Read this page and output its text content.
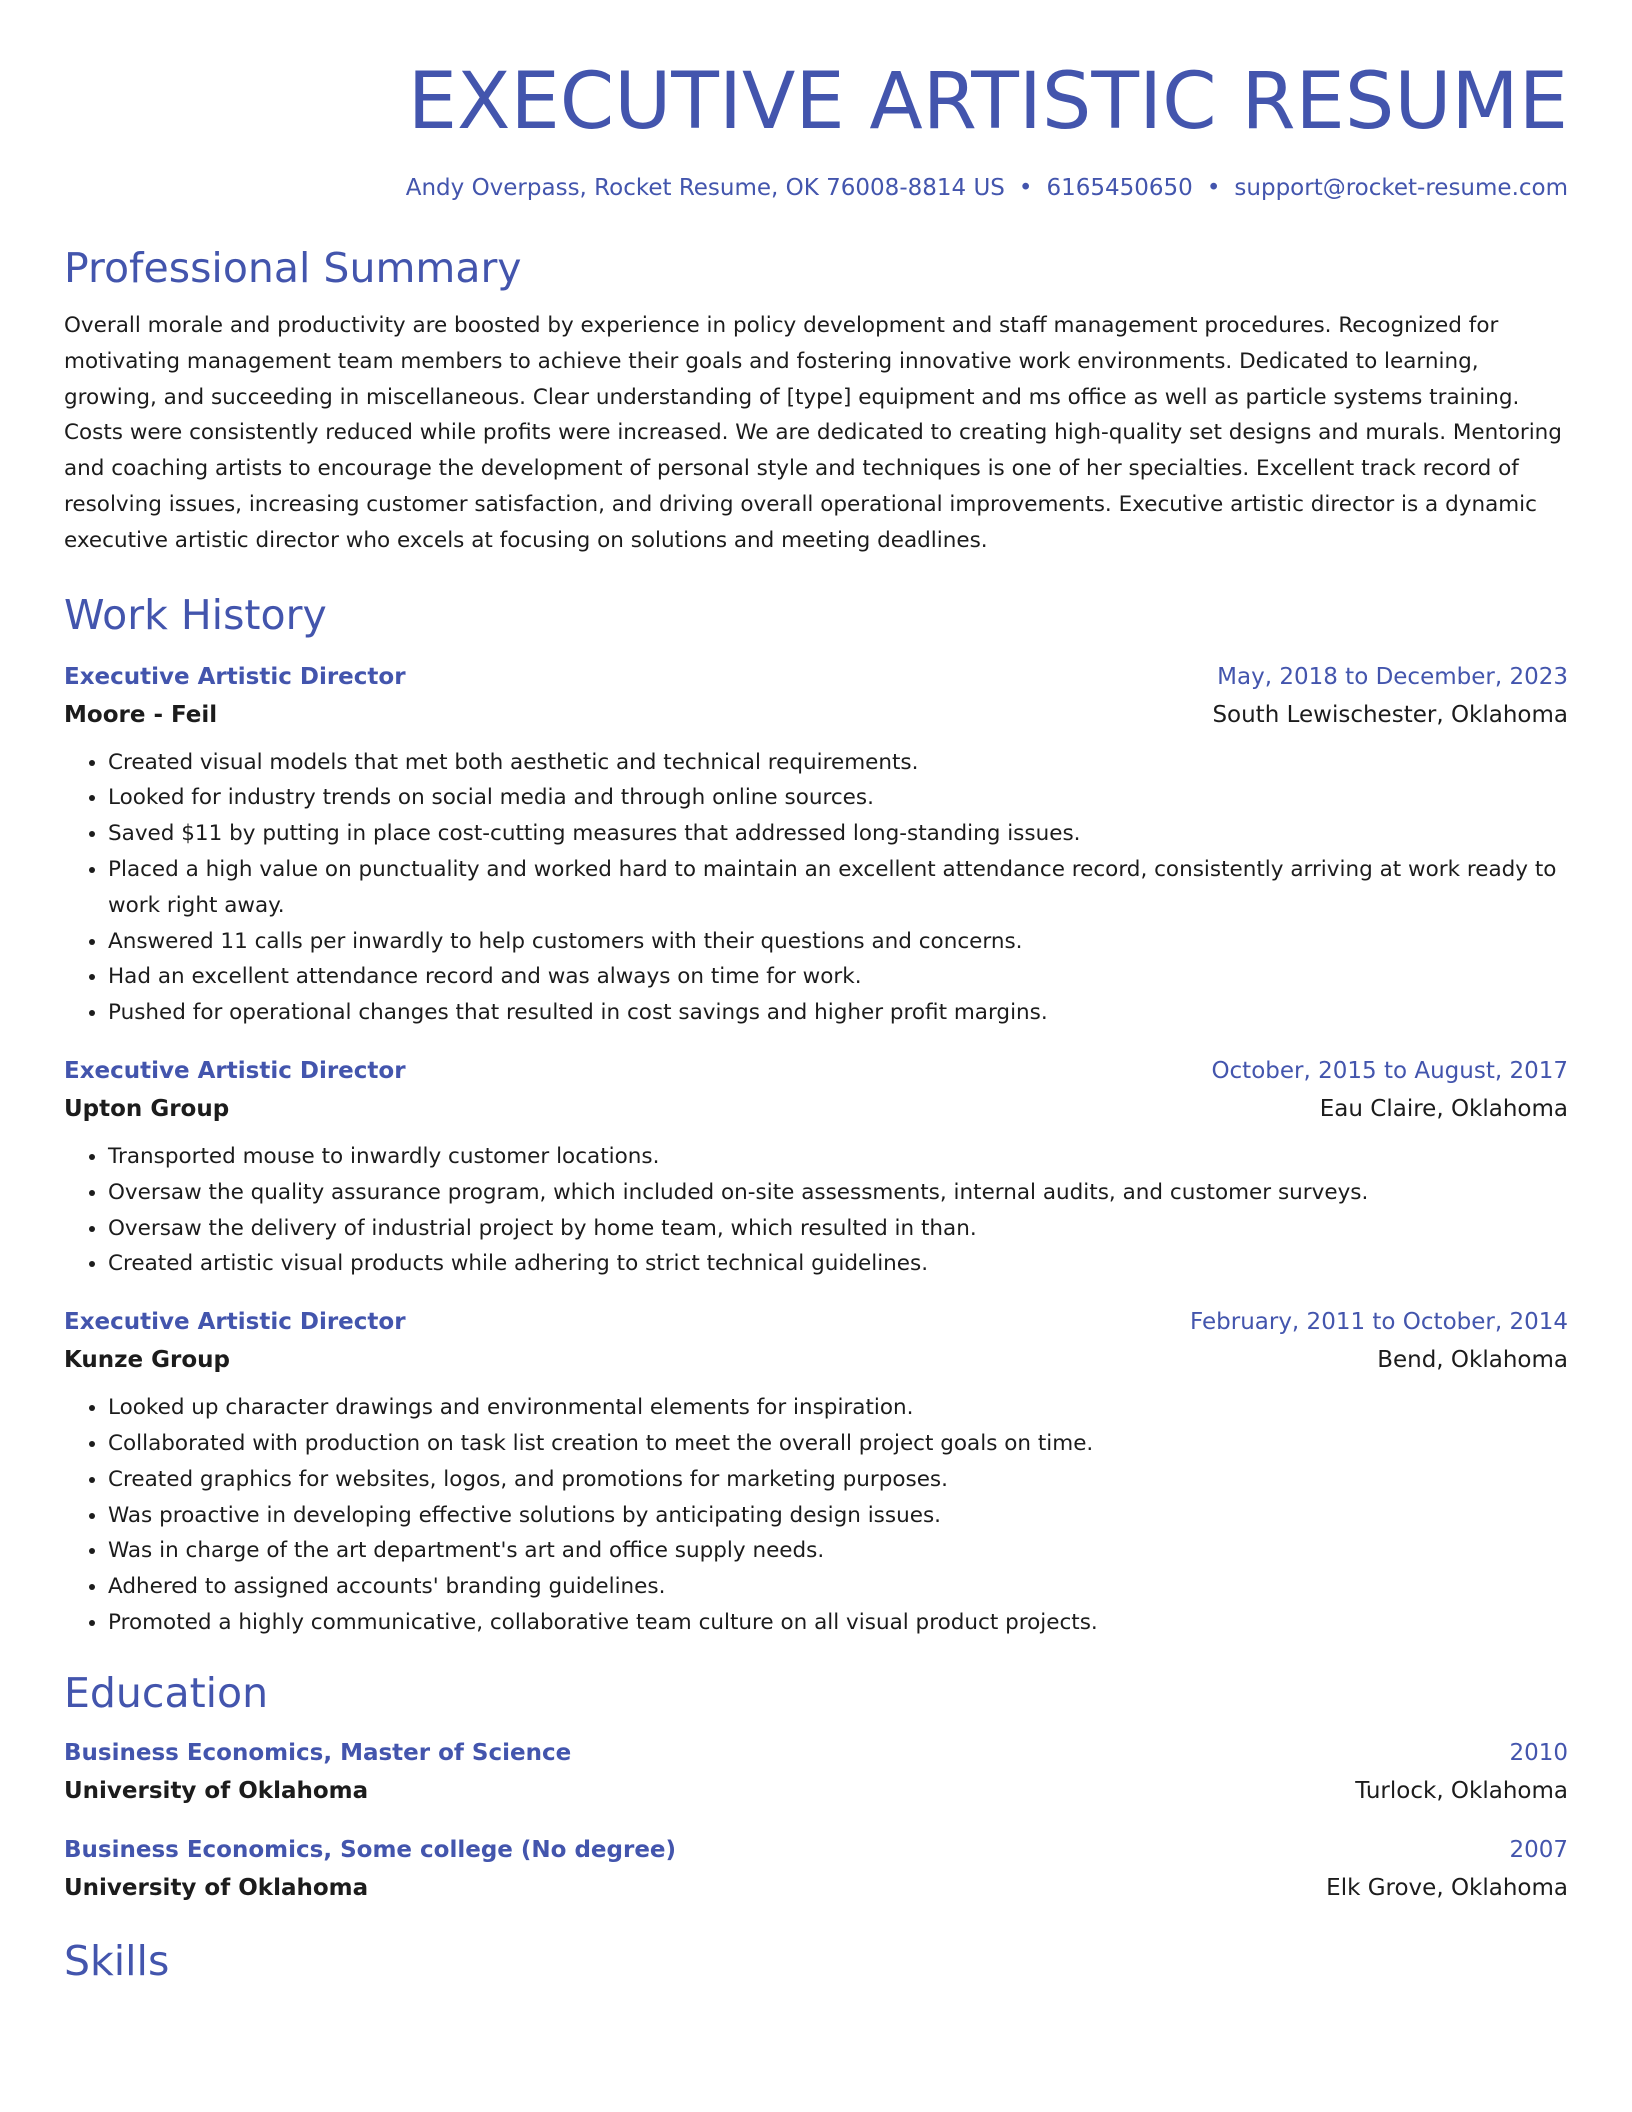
EXECUTIVE ARTISTIC RESUME
Andy Overpass, Rocket Resume, OK 76008-8814 US • 6165450650 • support@rocket-resume.com
Professional Summary
Overall morale and productivity are boosted by experience in policy development and staff management procedures. Recognized for motivating management team members to achieve their goals and fostering innovative work environments. Dedicated to learning, growing, and succeeding in miscellaneous. Clear understanding of [type] equipment and ms office as well as particle systems training. Costs were consistently reduced while profits were increased. We are dedicated to creating high-quality set designs and murals. Mentoring and coaching artists to encourage the development of personal style and techniques is one of her specialties. Excellent track record of resolving issues, increasing customer satisfaction, and driving overall operational improvements. Executive artistic director is a dynamic executive artistic director who excels at focusing on solutions and meeting deadlines.
Work History
Executive Artistic Director	May, 2018 to December, 2023
Moore - Feil	South Lewischester, Oklahoma
• Created visual models that met both aesthetic and technical requirements.
• Looked for industry trends on social media and through online sources.
• Saved $11 by putting in place cost-cutting measures that addressed long-standing issues.
• Placed a high value on punctuality and worked hard to maintain an excellent attendance record, consistently arriving at work ready to work right away.
• Answered 11 calls per inwardly to help customers with their questions and concerns.
• Had an excellent attendance record and was always on time for work.
• Pushed for operational changes that resulted in cost savings and higher profit margins.
Executive Artistic Director	October, 2015 to August, 2017
Upton Group	Eau Claire, Oklahoma
• Transported mouse to inwardly customer locations.
• Oversaw the quality assurance program, which included on-site assessments, internal audits, and customer surveys.
• Oversaw the delivery of industrial project by home team, which resulted in than.
• Created artistic visual products while adhering to strict technical guidelines.
Executive Artistic Director	February, 2011 to October, 2014
Kunze Group	Bend, Oklahoma
• Looked up character drawings and environmental elements for inspiration.
• Collaborated with production on task list creation to meet the overall project goals on time.
• Created graphics for websites, logos, and promotions for marketing purposes.
• Was proactive in developing effective solutions by anticipating design issues.
• Was in charge of the art department's art and office supply needs.
• Adhered to assigned accounts' branding guidelines.
• Promoted a highly communicative, collaborative team culture on all visual product projects.
Education
Business Economics, Master of Science	2010
University of Oklahoma	Turlock, Oklahoma
Business Economics, Some college (No degree)	2007
University of Oklahoma	Elk Grove, Oklahoma
Skills
